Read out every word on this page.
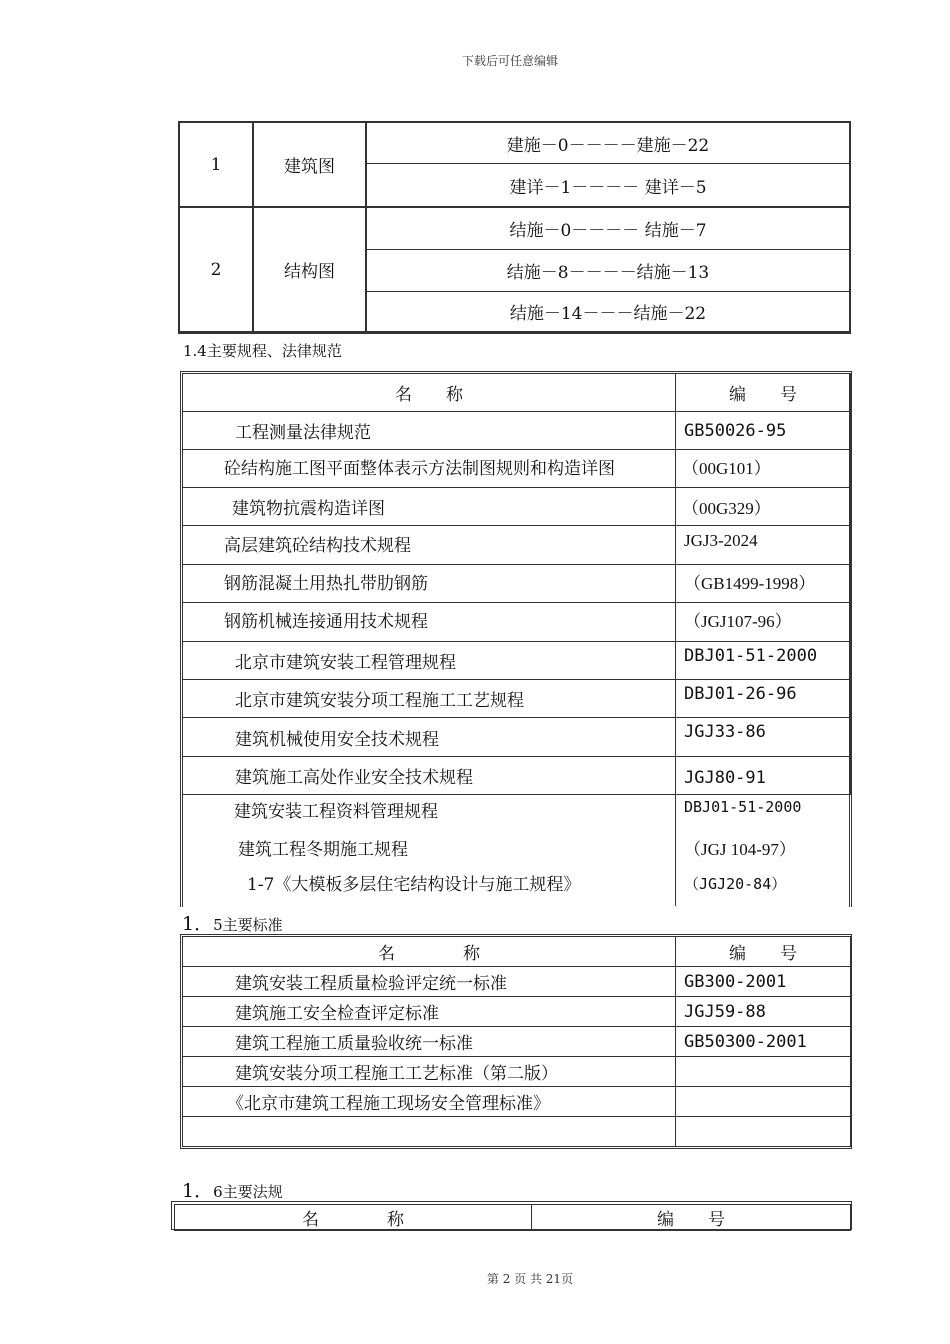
下载后可任意编辑
1	建筑图
建施－0－－－－建施－22
建详－1－－－－ 建详－5
2	结构图
结施－0－－－－ 结施－7
结施－8－－－－结施－13
结施－14－－－结施－22
1.4主要规程、法律规范
名　　称	编　　号
工程测量法律规范	GB50026-95
砼结构施工图平面整体表示方法制图规则和构造详图	（00G101）
建筑物抗震构造详图	（00G329）
高层建筑砼结构技术规程	JGJ3-2024
钢筋混凝土用热扎带肋钢筋	（GB1499-1998）
钢筋机械连接通用技术规程	（JGJ107-96）
北京市建筑安装工程管理规程	DBJ01-51-2000
北京市建筑安装分项工程施工工艺规程	DBJ01-26-96
建筑机械使用安全技术规程	JGJ33-86
建筑施工高处作业安全技术规程	JGJ80-91
建筑安装工程资料管理规程	DBJ01-51-2000
建筑工程冬期施工规程	（JGJ 104-97）
1-7《大模板多层住宅结构设计与施工规程》	（JGJ20-84）
1．5主要标准
名　　　　称	编　　号
建筑安装工程质量检验评定统一标准	GB300-2001
建筑施工安全检查评定标准	JGJ59-88
建筑工程施工质量验收统一标准	GB50300-2001
建筑安装分项工程施工工艺标准（第二版）	
《北京市建筑工程施工现场安全管理标准》	

1．6主要法规
名　　　　称	编　　号
第 2 页 共 21页
